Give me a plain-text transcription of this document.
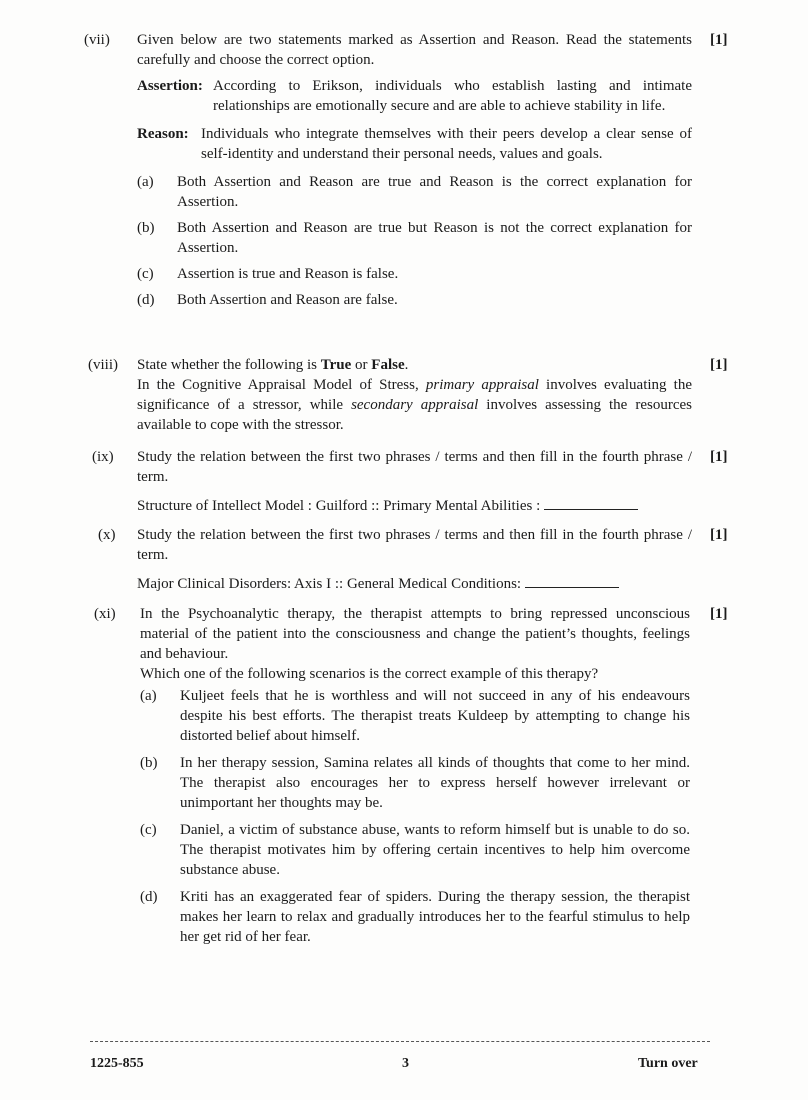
(vii)	[1]

Given below are two statements marked as Assertion and Reason. Read the statements carefully and choose the correct option.

Assertion: According to Erikson, individuals who establish lasting and intimate relationships are emotionally secure and are able to achieve stability in life.
Reason: Individuals who integrate themselves with their peers develop a clear sense of self-identity and understand their personal needs, values and goals.
(a) Both Assertion and Reason are true and Reason is the correct explanation for Assertion.
(b) Both Assertion and Reason are true but Reason is not the correct explanation for Assertion.
(c) Assertion is true and Reason is false.
(d) Both Assertion and Reason are false.
(viii)	[1]

State whether the following is True or False.

In the Cognitive Appraisal Model of Stress, primary appraisal involves evaluating the significance of a stressor, while secondary appraisal involves assessing the resources available to cope with the stressor.

(ix)	[1]

Study the relation between the first two phrases / terms and then fill in the fourth phrase / term.

Structure of Intellect Model : Guilford :: Primary Mental Abilities :

(x)	[1]

Study the relation between the first two phrases / terms and then fill in the fourth phrase / term.

Major Clinical Disorders: Axis I :: General Medical Conditions:

(xi)	[1]

In the Psychoanalytic therapy, the therapist attempts to bring repressed unconscious material of the patient into the consciousness and change the patient’s thoughts, feelings and behaviour.

Which one of the following scenarios is the correct example of this therapy?

(a) Kuljeet feels that he is worthless and will not succeed in any of his endeavours despite his best efforts. The therapist treats Kuldeep by attempting to change his distorted belief about himself.
(b) In her therapy session, Samina relates all kinds of thoughts that come to her mind. The therapist also encourages her to express herself however irrelevant or unimportant her thoughts may be.
(c) Daniel, a victim of substance abuse, wants to reform himself but is unable to do so. The therapist motivates him by offering certain incentives to help him overcome substance abuse.
(d) Kriti has an exaggerated fear of spiders. During the therapy session, the therapist makes her learn to relax and gradually introduces her to the fearful stimulus to help her get rid of her fear.
1225-855	3	Turn over
